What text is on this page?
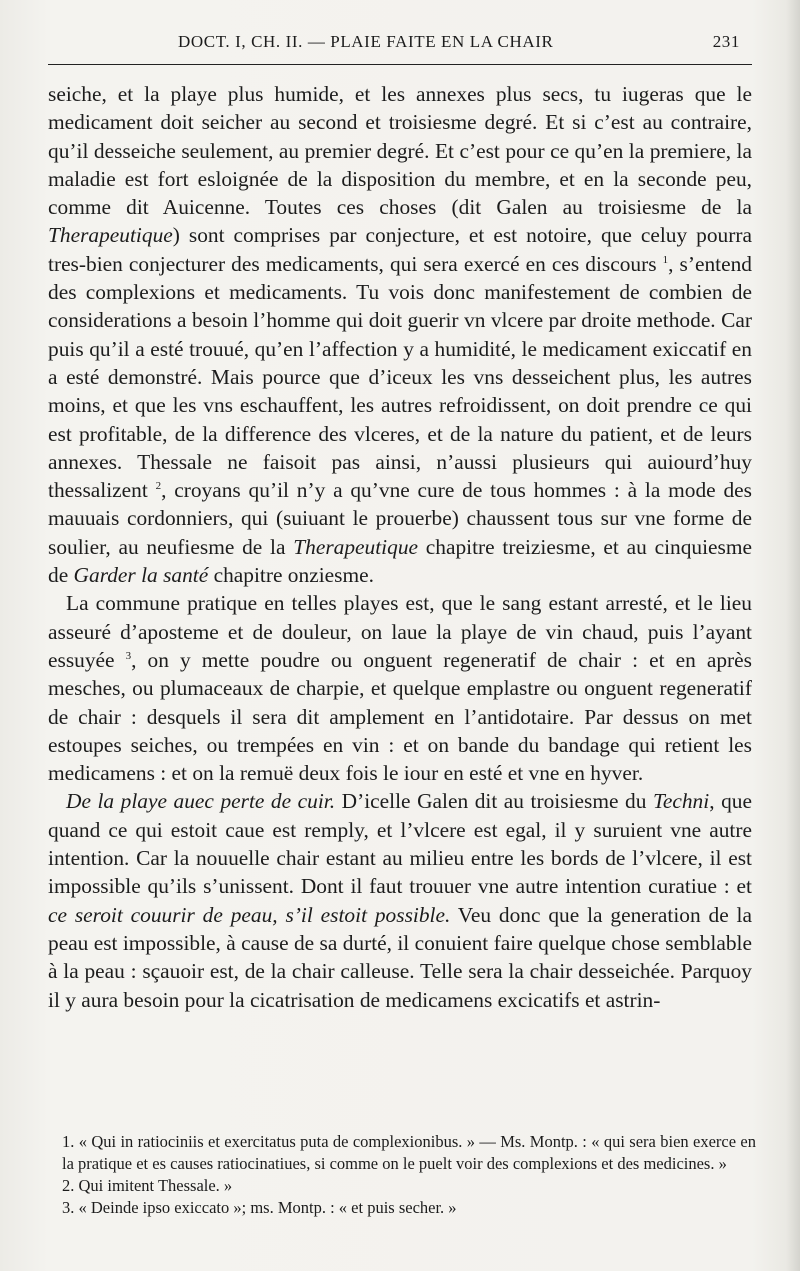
DOCT. I, CH. II. — PLAIE FAITE EN LA CHAIR	231

seiche, et la playe plus humide, et les annexes plus secs, tu iugeras que le medicament doit seicher au second et troisiesme degré. Et si c’est au contraire, qu’il desseiche seulement, au premier degré. Et c’est pour ce qu’en la premiere, la maladie est fort esloignée de la disposition du membre, et en la seconde peu, comme dit Auicenne. Toutes ces choses (dit Galen au troisiesme de la Therapeutique) sont comprises par conjecture, et est notoire, que celuy pourra tres-bien conjecturer des medicaments, qui sera exercé en ces discours $^1$, s’entend des complexions et medicaments. Tu vois donc manifestement de combien de considerations a besoin l’homme qui doit guerir vn vlcere par droite methode. Car puis qu’il a esté trouué, qu’en l’affection y a humidité, le medicament exiccatif en a esté demonstré. Mais pource que d’iceux les vns desseichent plus, les autres moins, et que les vns eschauffent, les autres refroidissent, on doit prendre ce qui est profitable, de la difference des vlceres, et de la nature du patient, et de leurs annexes. Thessale ne faisoit pas ainsi, n’aussi plusieurs qui auiourd’huy thessalizent $^2$, croyans qu’il n’y a qu’vne cure de tous hommes : à la mode des mauuais cordonniers, qui (suiuant le prouerbe) chaussent tous sur vne forme de soulier, au neufiesme de la Therapeutique chapitre treiziesme, et au cinquiesme de Garder la santé chapitre onziesme.

La commune pratique en telles playes est, que le sang estant arresté, et le lieu asseuré d’aposteme et de douleur, on laue la playe de vin chaud, puis l’ayant essuyée $^3$, on y mette poudre ou onguent regeneratif de chair : et en après mesches, ou plumaceaux de charpie, et quelque emplastre ou onguent regeneratif de chair : desquels il sera dit amplement en l’antidotaire. Par dessus on met estoupes seiches, ou trempées en vin : et on bande du bandage qui retient les medicamens : et on la remuë deux fois le iour en esté et vne en hyver.

De la playe auec perte de cuir. D’icelle Galen dit au troisiesme du Techni, que quand ce qui estoit caue est remply, et l’vlcere est egal, il y suruient vne autre intention. Car la nouuelle chair estant au milieu entre les bords de l’vlcere, il est impossible qu’ils s’unissent. Dont il faut trouuer vne autre intention curatiue : et ce seroit couurir de peau, s’il estoit possible. Veu donc que la generation de la peau est impossible, à cause de sa durté, il conuient faire quelque chose semblable à la peau : sçauoir est, de la chair calleuse. Telle sera la chair desseichée. Parquoy il y aura besoin pour la cicatrisation de medicamens excicatifs et astrin-

1. « Qui in ratiociniis et exercitatus puta de complexionibus. » — Ms. Montp. : « qui sera bien exerce en la pratique et es causes ratiocinatiues, si comme on le puelt voir des complexions et des medicines. »

2. Qui imitent Thessale. »

3. « Deinde ipso exiccato »; ms. Montp. : « et puis secher. »
